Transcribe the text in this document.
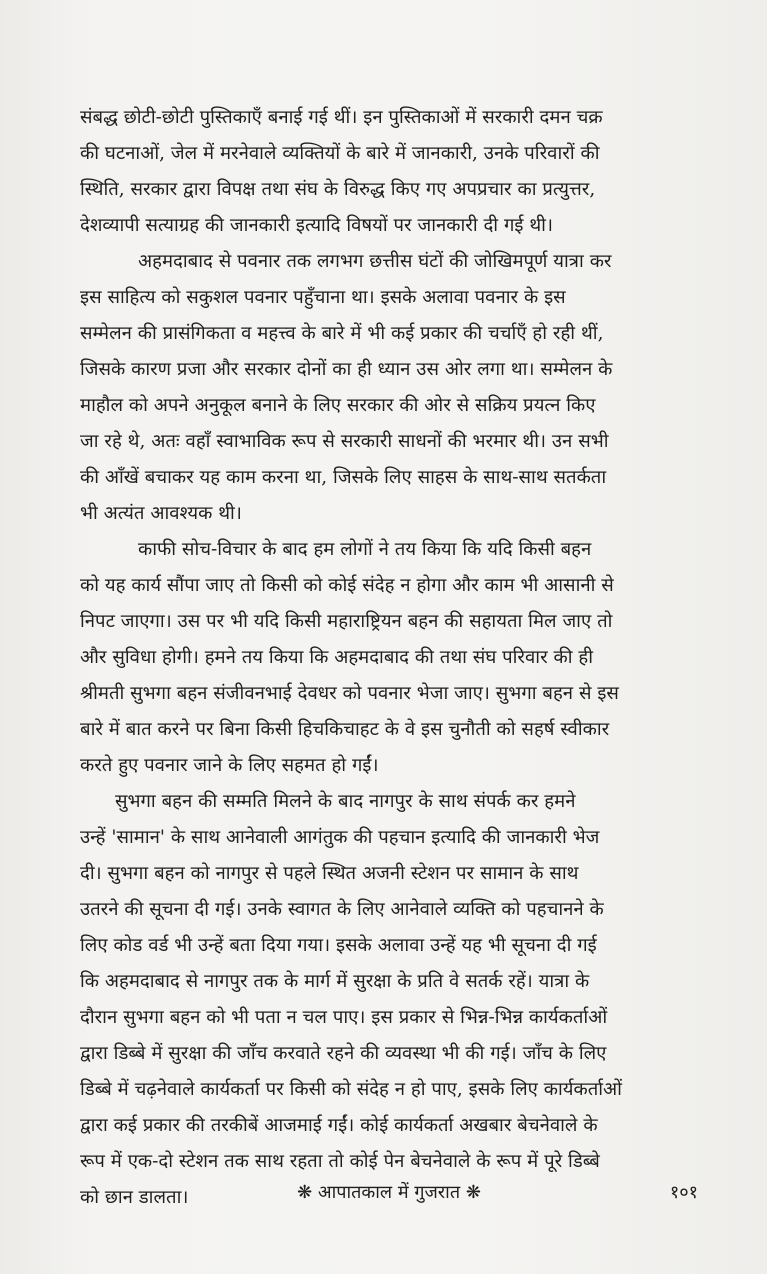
संबद्ध छोटी-छोटी पुस्तिकाएँ बनाई गई थीं। इन पुस्तिकाओं में सरकारी दमन चक्र
की घटनाओं, जेल में मरनेवाले व्यक्तियों के बारे में जानकारी, उनके परिवारों की
स्थिति, सरकार द्वारा विपक्ष तथा संघ के विरुद्ध किए गए अपप्रचार का प्रत्युत्तर,
देशव्यापी सत्याग्रह की जानकारी इत्यादि विषयों पर जानकारी दी गई थी।
अहमदाबाद से पवनार तक लगभग छत्तीस घंटों की जोखिमपूर्ण यात्रा कर
इस साहित्य को सकुशल पवनार पहुँचाना था। इसके अलावा पवनार के इस
सम्मेलन की प्रासंगिकता व महत्त्व के बारे में भी कई प्रकार की चर्चाएँ हो रही थीं,
जिसके कारण प्रजा और सरकार दोनों का ही ध्यान उस ओर लगा था। सम्मेलन के
माहौल को अपने अनुकूल बनाने के लिए सरकार की ओर से सक्रिय प्रयत्न किए
जा रहे थे, अतः वहाँ स्वाभाविक रूप से सरकारी साधनों की भरमार थी। उन सभी
की आँखें बचाकर यह काम करना था, जिसके लिए साहस के साथ-साथ सतर्कता
भी अत्यंत आवश्यक थी।
काफी सोच-विचार के बाद हम लोगों ने तय किया कि यदि किसी बहन
को यह कार्य सौंपा जाए तो किसी को कोई संदेह न होगा और काम भी आसानी से
निपट जाएगा। उस पर भी यदि किसी महाराष्ट्रियन बहन की सहायता मिल जाए तो
और सुविधा होगी। हमने तय किया कि अहमदाबाद की तथा संघ परिवार की ही
श्रीमती सुभगा बहन संजीवनभाई देवधर को पवनार भेजा जाए। सुभगा बहन से इस
बारे में बात करने पर बिना किसी हिचकिचाहट के वे इस चुनौती को सहर्ष स्वीकार
करते हुए पवनार जाने के लिए सहमत हो गईं।
सुभगा बहन की सम्मति मिलने के बाद नागपुर के साथ संपर्क कर हमने
उन्हें 'सामान' के साथ आनेवाली आगंतुक की पहचान इत्यादि की जानकारी भेज
दी। सुभगा बहन को नागपुर से पहले स्थित अजनी स्टेशन पर सामान के साथ
उतरने की सूचना दी गई। उनके स्वागत के लिए आनेवाले व्यक्ति को पहचानने के
लिए कोड वर्ड भी उन्हें बता दिया गया। इसके अलावा उन्हें यह भी सूचना दी गई
कि अहमदाबाद से नागपुर तक के मार्ग में सुरक्षा के प्रति वे सतर्क रहें। यात्रा के
दौरान सुभगा बहन को भी पता न चल पाए। इस प्रकार से भिन्न-भिन्न कार्यकर्ताओं
द्वारा डिब्बे में सुरक्षा की जाँच करवाते रहने की व्यवस्था भी की गई। जाँच के लिए
डिब्बे में चढ़नेवाले कार्यकर्ता पर किसी को संदेह न हो पाए, इसके लिए कार्यकर्ताओं
द्वारा कई प्रकार की तरकीबें आजमाई गईं। कोई कार्यकर्ता अखबार बेचनेवाले के
रूप में एक-दो स्टेशन तक साथ रहता तो कोई पेन बेचनेवाले के रूप में पूरे डिब्बे
को छान डालता।	❋ आपातकाल में गुजरात ❋	१०१
